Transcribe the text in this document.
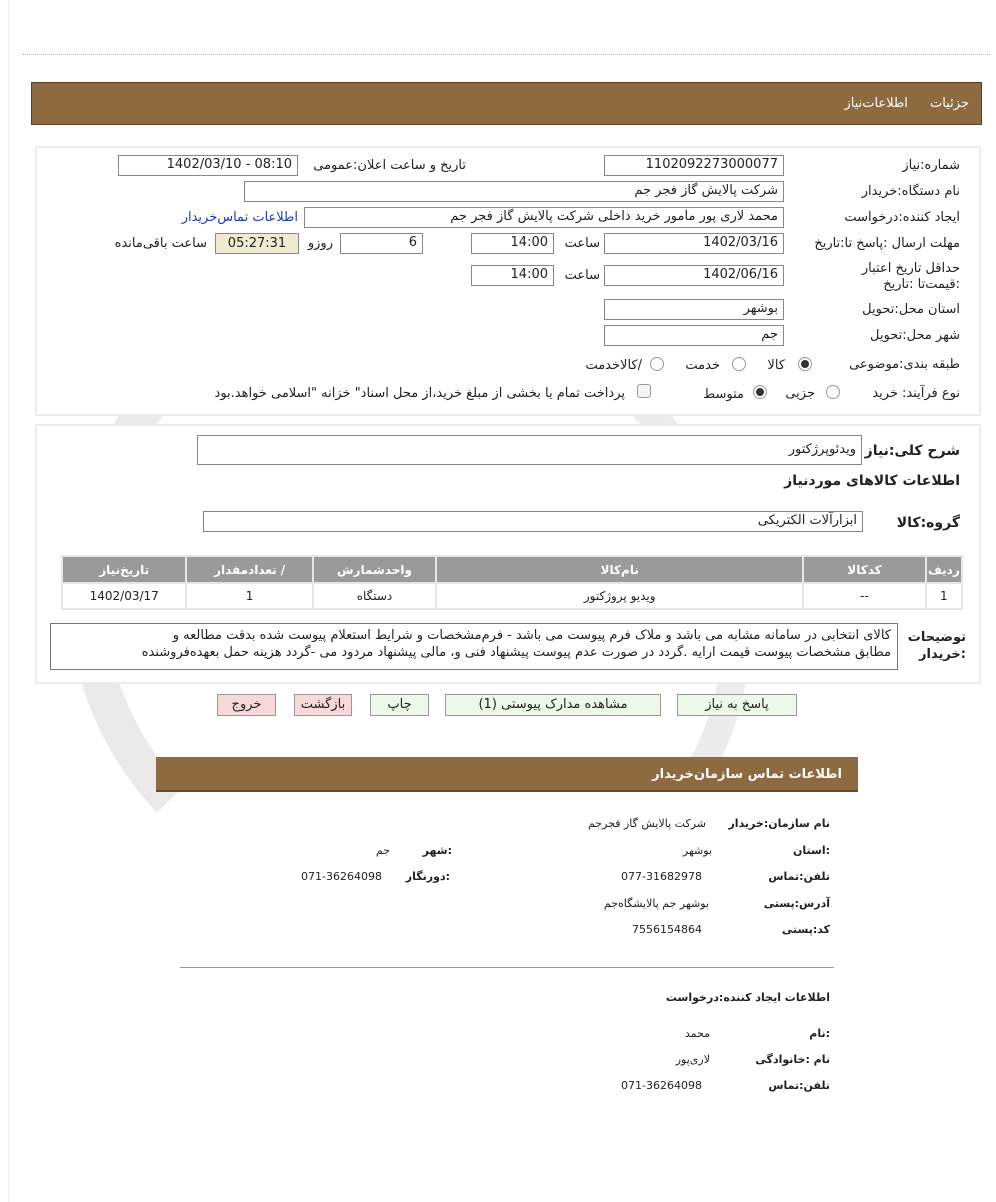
جزئیات اطلاعات‌نیاز
شماره:نیاز
1102092273000077
تاریخ و ساعت اعلان:عمومی
1402/03/10 - 08:10
نام دستگاه:خریدار
شرکت پالایش گاز فجر جم
ایجاد کننده:درخواست
محمد لاری پور مامور خرید داخلی شرکت پالایش گاز فجر جم
اطلاعات تماس‌خریدار
مهلت ارسال :پاسخ تا:تاریخ
1402/03/16
ساعت
14:00
6
روزو
05:27:31
ساعت باقی‌مانده
حداقل تاریخ اعتبار :قیمت‌تا :تاریخ
1402/06/16
ساعت
14:00
استان محل:تحویل
بوشهر
شهر محل:تحویل
جم
طبقه بندی:موضوعی
کالا
خدمت
/کالاخدمت
نوع فرآیند:
خرید
جزیی
متوسط
پرداخت تمام یا بخشی از مبلغ خرید،از محل اسناد" خزانه "اسلامی خواهد.بود
شرح کلی:نیاز
ویدئوپرژکتور
اطلاعات کالاهای موردنیاز
گروه:کالا
ابزارآلات الکتریکی
ردیف	کدکالا	نام‌کالا	واحدشمارش	/ تعدادمقدار	تاریخ‌نیاز
1	--	ویدیو پروژکتور	دستگاه	1	1402/03/17
توضیحات :خریدار
کالای انتخابی در سامانه مشابه می باشد و ملاک فرم پیوست می باشد - فرم‌مشخصات و شرایط استعلام پیوست شده بدقت مطالعه و
مطابق مشخصات پیوست قیمت ارایه .گردد در صورت عدم پیوست پیشنهاد فنی و، مالی پیشنهاد مردود می -گردد هزینه حمل بعهده‌فروشنده
پاسخ به نیاز
مشاهده مدارک پیوستی (1)
چاپ
بازگشت
خروج
اطلاعات تماس سازمان‌خریدار
نام سازمان:خریدار
شرکت پالایش گاز فجرجم
:استان
بوشهر
:شهر
جم
تلفن:تماس
077-31682978
:دورنگار
071-36264098
آدرس:پستی
بوشهر جم پالایشگاه‌جم
کد:پستی
7556154864
اطلاعات ایجاد کننده:درخواست
:نام
محمد
نام :خانوادگی
لاری‌پور
تلفن:تماس
071-36264098
